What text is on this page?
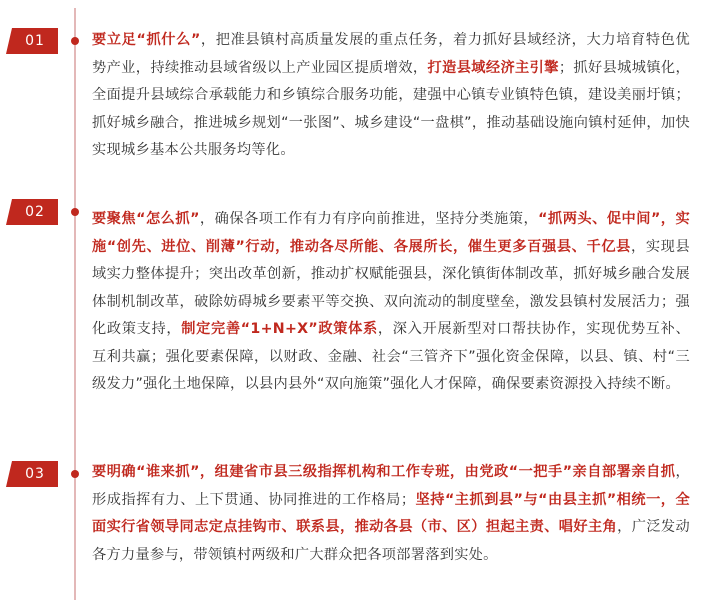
01	要立足“抓什么”，把准县镇村高质量发展的重点任务，着力抓好县域经济，大力培育特色优势产业，持续推动县域省级以上产业园区提质增效，打造县域经济主引擎；抓好县城城镇化，全面提升县域综合承载能力和乡镇综合服务功能，建强中心镇专业镇特色镇，建设美丽圩镇；抓好城乡融合，推进城乡规划“一张图”、城乡建设“一盘棋”，推动基础设施向镇村延伸，加快实现城乡基本公共服务均等化。
02	要聚焦“怎么抓”，确保各项工作有力有序向前推进，坚持分类施策，“抓两头、促中间”，实施“创先、进位、削薄”行动，推动各尽所能、各展所长，催生更多百强县、千亿县，实现县域实力整体提升；突出改革创新，推动扩权赋能强县，深化镇街体制改革，抓好城乡融合发展体制机制改革，破除妨碍城乡要素平等交换、双向流动的制度壁垒，激发县镇村发展活力；强化政策支持，制定完善“1+N+X”政策体系，深入开展新型对口帮扶协作，实现优势互补、互利共赢；强化要素保障，以财政、金融、社会“三管齐下”强化资金保障，以县、镇、村“三级发力”强化土地保障，以县内县外“双向施策”强化人才保障，确保要素资源投入持续不断。
03	要明确“谁来抓”，组建省市县三级指挥机构和工作专班，由党政“一把手”亲自部署亲自抓，形成指挥有力、上下贯通、协同推进的工作格局；坚持“主抓到县”与“由县主抓”相统一，全面实行省领导同志定点挂钩市、联系县，推动各县（市、区）担起主责、唱好主角，广泛发动各方力量参与，带领镇村两级和广大群众把各项部署落到实处。
